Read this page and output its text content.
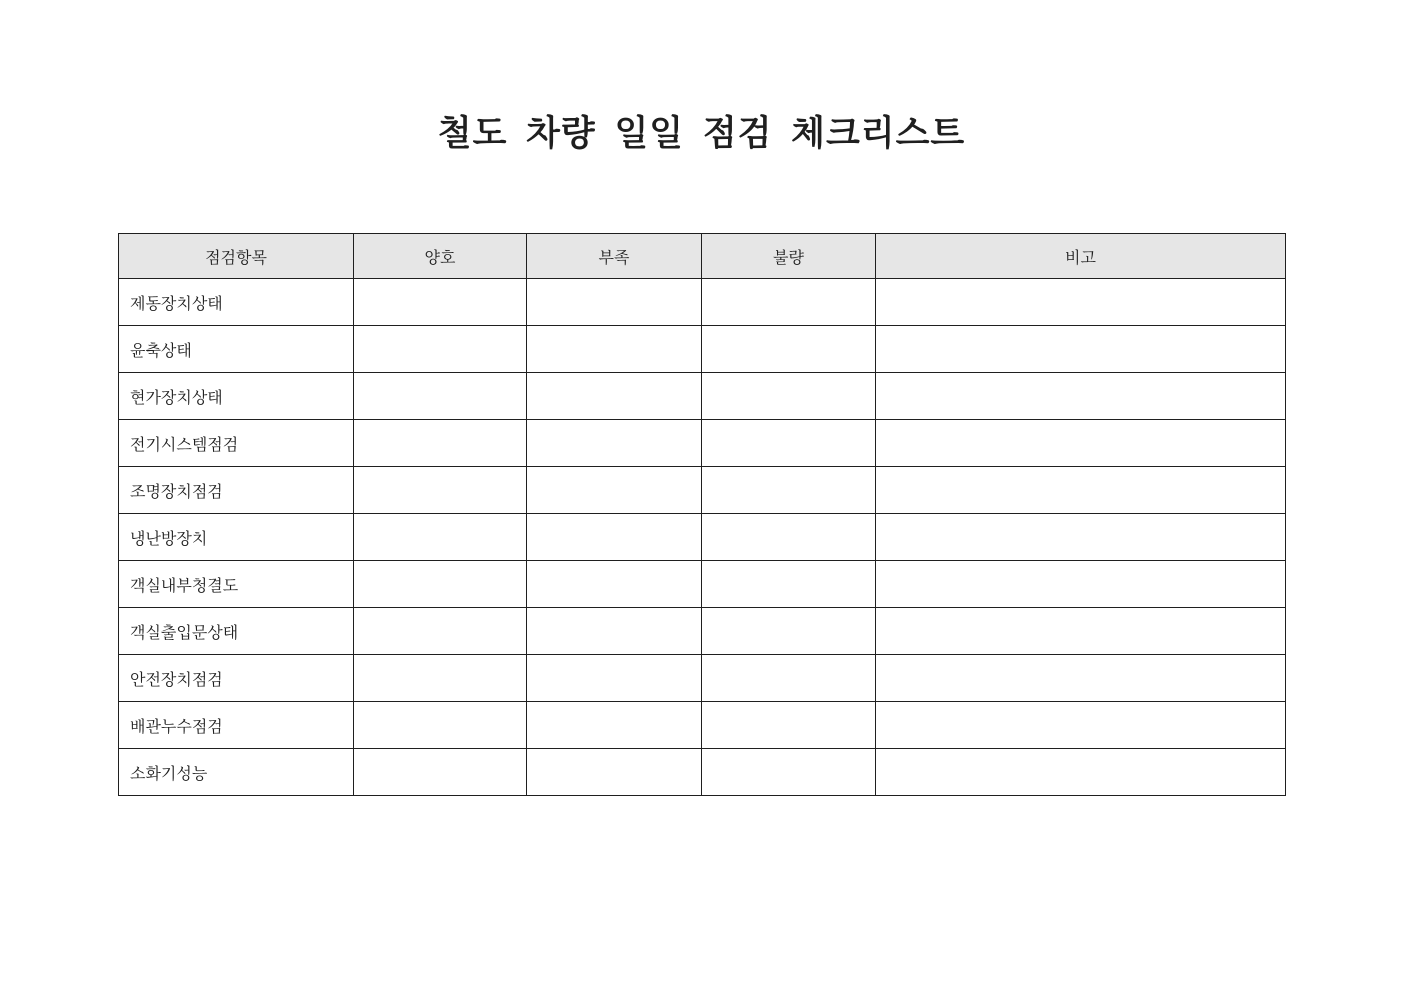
철도 차량 일일 점검 체크리스트
점검항목	양호	부족	불량	비고
제동장치상태				
윤축상태				
현가장치상태				
전기시스템점검				
조명장치점검				
냉난방장치				
객실내부청결도				
객실출입문상태				
안전장치점검				
배관누수점검				
소화기성능				
